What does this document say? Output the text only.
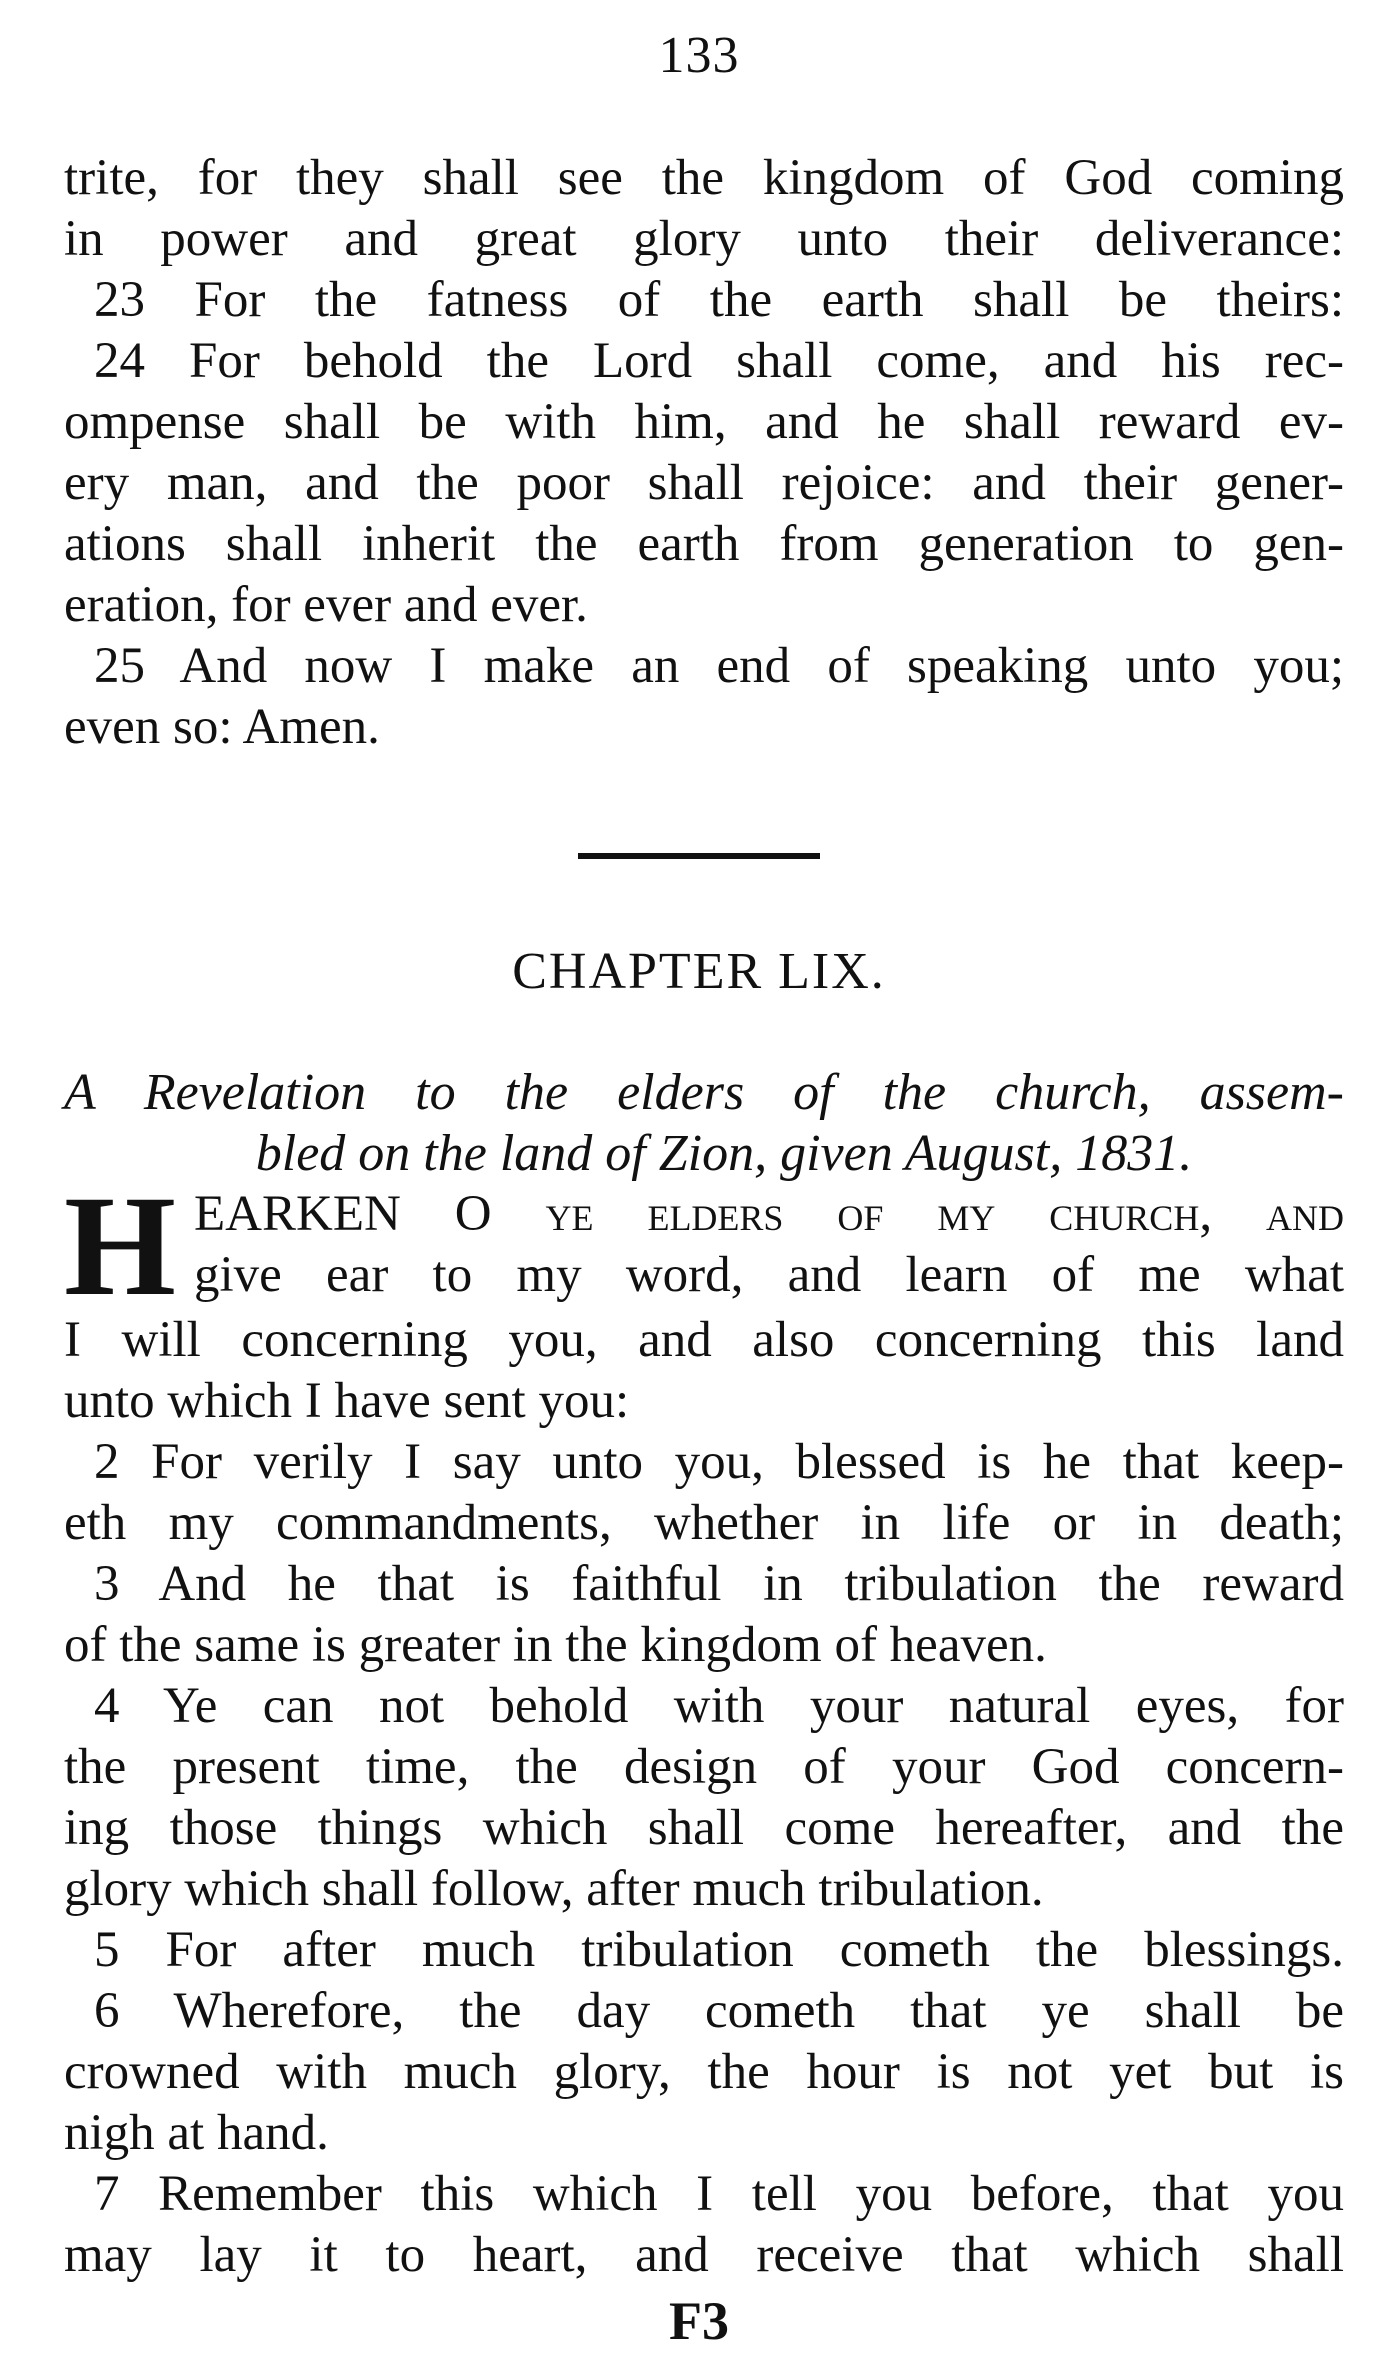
133

trite, for they shall see the kingdom of God coming

in power and great glory unto their deliverance:

23 For the fatness of the earth shall be theirs:

24 For behold the Lord shall come, and his rec-

ompense shall be with him, and he shall reward ev-

ery man, and the poor shall rejoice: and their gener-

ations shall inherit the earth from generation to gen-

eration, for ever and ever.

25 And now I make an end of speaking unto you;

even so: Amen.

CHAPTER LIX.

A Revelation to the elders of the church, assem-

bled on the land of Zion, given August, 1831.

H EARKEN O ye elders of my church, and

give ear to my word, and learn of me what

I will concerning you, and also concerning this land

unto which I have sent you:

2 For verily I say unto you, blessed is he that keep-

eth my commandments, whether in life or in death;

3 And he that is faithful in tribulation the reward

of the same is greater in the kingdom of heaven.

4 Ye can not behold with your natural eyes, for

the present time, the design of your God concern-

ing those things which shall come hereafter, and the

glory which shall follow, after much tribulation.

5 For after much tribulation cometh the blessings.

6 Wherefore, the day cometh that ye shall be

crowned with much glory, the hour is not yet but is

nigh at hand.

7 Remember this which I tell you before, that you

may lay it to heart, and receive that which shall

F3
